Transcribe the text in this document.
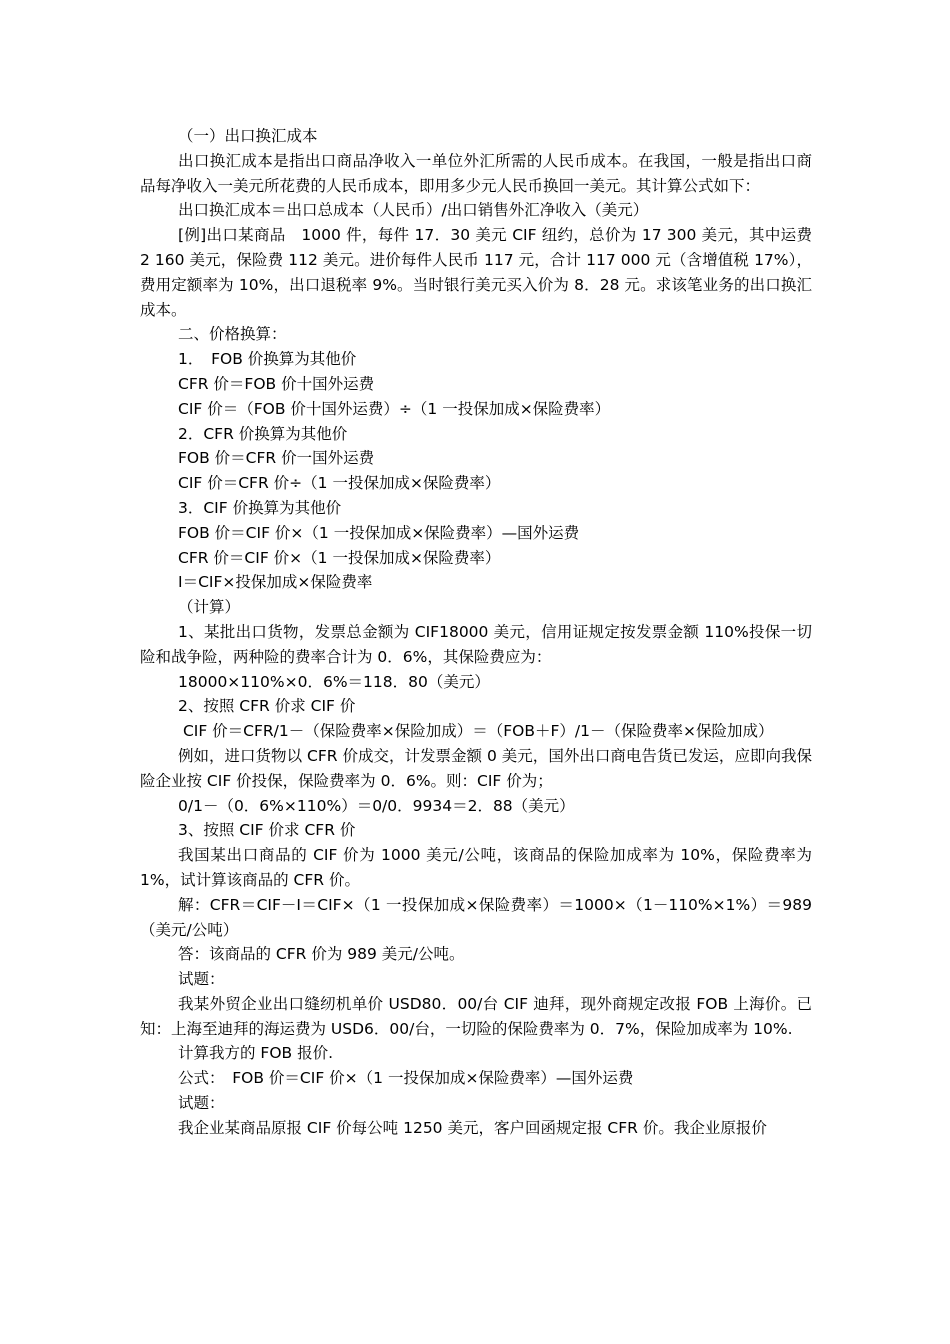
（一）出口换汇成本

出口换汇成本是指出口商品净收入一单位外汇所需的人民币成本。在我国，一般是指出口商品每净收入一美元所花费的人民币成本，即用多少元人民币换回一美元。其计算公式如下：

出口换汇成本＝出口总成本（人民币）/出口销售外汇净收入（美元）

[例]出口某商品　1000 件，每件 17．30 美元 CIF 纽约，总价为 17 300 美元，其中运费 2 160 美元，保险费 112 美元。进价每件人民币 117 元，合计 117 000 元（含增值税 17%），费用定额率为 10%，出口退税率 9%。当时银行美元买入价为 8．28 元。求该笔业务的出口换汇成本。

二、价格换算：

1．　FOB 价换算为其他价

CFR 价＝FOB 价十国外运费

CIF 价＝（FOB 价十国外运费）÷（1 一投保加成×保险费率）

2．CFR 价换算为其他价

FOB 价＝CFR 价一国外运费

CIF 价＝CFR 价÷（1 一投保加成×保险费率）

3．CIF 价换算为其他价

FOB 价＝CIF 价×（1 一投保加成×保险费率）—国外运费

CFR 价＝CIF 价×（1 一投保加成×保险费率）

I＝CIF×投保加成×保险费率

（计算）

1、某批出口货物，发票总金额为 CIF18000 美元，信用证规定按发票金额 110%投保一切险和战争险，两种险的费率合计为 0．6%，其保险费应为：

18000×110%×0．6%＝118．80（美元）

2、按照 CFR 价求 CIF 价

CIF 价＝CFR/1－（保险费率×保险加成）＝（FOB＋F）/1－（保险费率×保险加成）

例如，进口货物以 CFR 价成交，计发票金额 0 美元，国外出口商电告货已发运，应即向我保险企业按 CIF 价投保，保险费率为 0．6%。则：CIF 价为；

0/1－（0．6%×110%）＝0/0．9934＝2．88（美元）

3、按照 CIF 价求 CFR 价

我国某出口商品的 CIF 价为 1000 美元/公吨，该商品的保险加成率为 10%，保险费率为 1%，试计算该商品的 CFR 价。

解：CFR＝CIF－I＝CIF×（1 一投保加成×保险费率）＝1000×（1－110%×1%）＝989（美元/公吨）

答：该商品的 CFR 价为 989 美元/公吨。

试题：

我某外贸企业出口缝纫机单价 USD80．00/台 CIF 迪拜，现外商规定改报 FOB 上海价。已知：上海至迪拜的海运费为 USD6．00/台，一切险的保险费率为 0．7%，保险加成率为 10%.

计算我方的 FOB 报价.

公式：　FOB 价＝CIF 价×（1 一投保加成×保险费率）—国外运费

试题：

我企业某商品原报 CIF 价每公吨 1250 美元，客户回函规定报 CFR 价。我企业原报价
